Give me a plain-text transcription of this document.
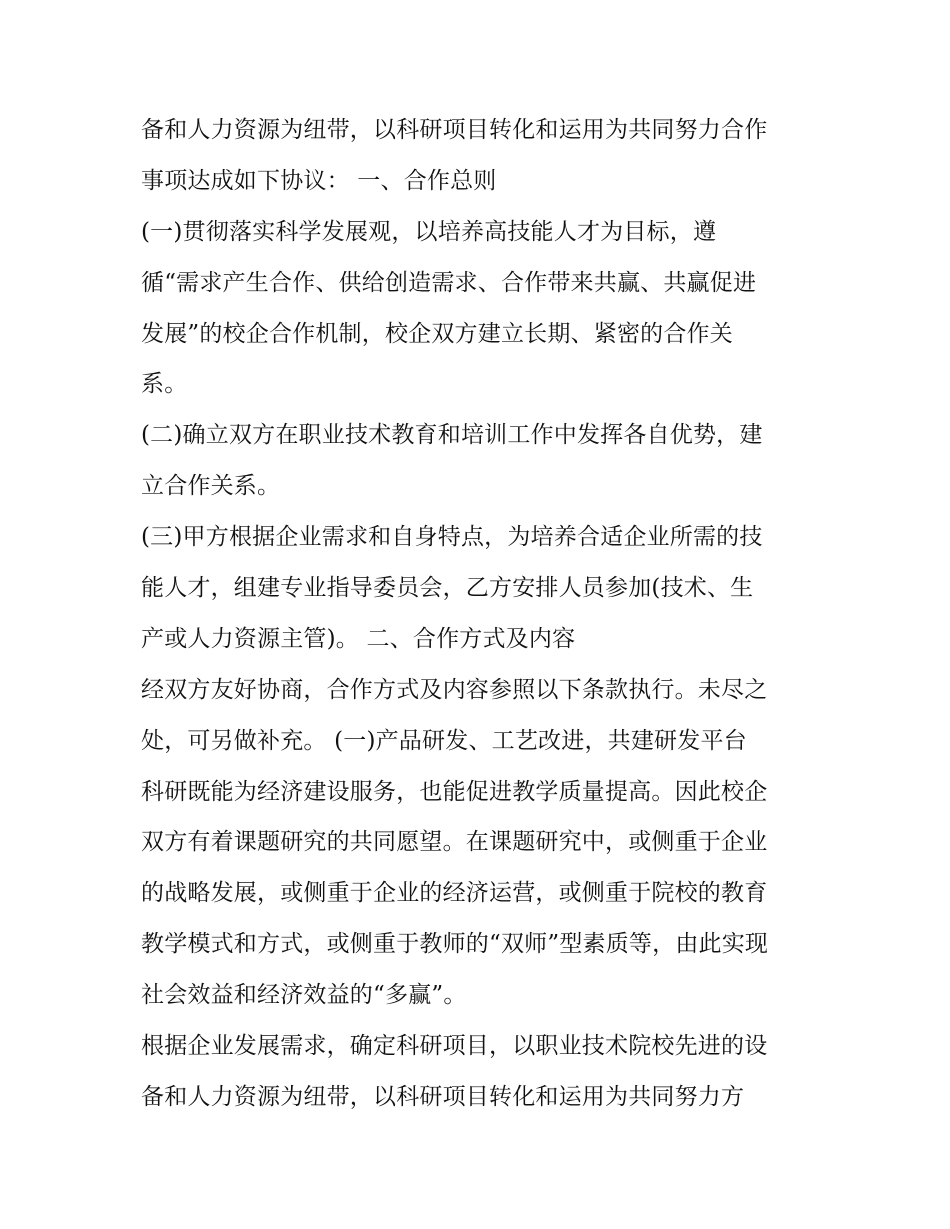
备和人力资源为纽带，以科研项目转化和运用为共同努力合作
事项达成如下协议： 一、合作总则
(一)贯彻落实科学发展观，以培养高技能人才为目标，遵
循“需求产生合作、供给创造需求、合作带来共赢、共赢促进
发展”的校企合作机制，校企双方建立长期、紧密的合作关
系。
(二)确立双方在职业技术教育和培训工作中发挥各自优势，建
立合作关系。
(三)甲方根据企业需求和自身特点，为培养合适企业所需的技
能人才，组建专业指导委员会，乙方安排人员参加(技术、生
产或人力资源主管)。 二、合作方式及内容
经双方友好协商，合作方式及内容参照以下条款执行。未尽之
处，可另做补充。 (一)产品研发、工艺改进，共建研发平台
科研既能为经济建设服务，也能促进教学质量提高。因此校企
双方有着课题研究的共同愿望。在课题研究中，或侧重于企业
的战略发展，或侧重于企业的经济运营，或侧重于院校的教育
教学模式和方式，或侧重于教师的“双师”型素质等，由此实现
社会效益和经济效益的“多赢”。
根据企业发展需求，确定科研项目，以职业技术院校先进的设
备和人力资源为纽带，以科研项目转化和运用为共同努力方
